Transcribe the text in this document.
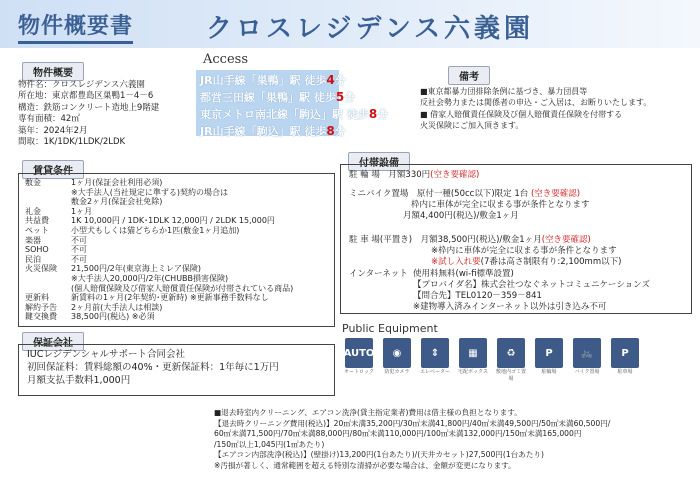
物件概要書	クロスレジデンス六義園
物件概要
物件名：クロスレジデンス六義園
所在地：東京都豊島区巣鴨1－4－6
構造：鉄筋コンクリート造地上9階建
専有面積：42㎡
築年：2024年2月
間取：1K/1DK/1LDK/2LDK
Access
JR山手線「巣鴨」駅 徒歩4分
都営三田線「巣鴨」駅 徒歩5分
東京メトロ南北線「駒込」駅 徒歩8分
JR山手線「駒込」駅 徒歩8分
備考
■東京都暴力団排除条例に基づき、暴力団員等
反社会勢力または関係者の申込・ご入居は、お断りいたします。
■ 借家人賠償責任保険及び個人賠償責任保険を付帯する
火災保険にご加入頂きます。
賃貸条件
敷金	1ヶ月(保証会社利用必須)
※大手法人(当社規定に準ずる)契約の場合は
敷金2ヶ月(保証会社免除)
礼金	1ヶ月
共益費	1K 10,000円 / 1DK･1DLK 12,000円 / 2LDK 15,000円
ペット	小型犬もしくは猫どちらか1匹(敷金1ヶ月追加)
楽器	不可
SOHO	不可
民泊	不可
火災保険	21,500円/2年(東京海上ミレア保険)
※大手法人20,000円/2年(CHUBB損害保険)
(個人賠償保険及び借家人賠償責任保険が付帯されている商品)
更新料	新賃料の1ヶ月(2年契約･更新時) ※更新事務手数料なし
解約予告	2ヶ月前(大手法人は相談)
鍵交換費	38,500円(税込) ※必須
保証会社
IUCレジデンシャルサポート合同会社
初回保証料：賃料総額の40%・更新保証料：1年毎に1万円
月額支払手数料1,000円
付帯設備
駐 輪 場　 月額330円(空き要確認)
ミニバイク置場　 原付一種(50cc以下)限定 1台 (空き要確認)
枠内に車体が完全に収まる事が条件となります
月額4,400円(税込)/敷金1ヶ月
駐 車 場(平置き)　 月額38,500円(税込)/敷金1ヶ月(空き要確認)
※枠内に車体が完全に収まる事が条件となります
※試し入れ要(7番は高さ制限有り:2,100mm以下)
インターネット 使用料無料(wi-fi標準設置)
【プロバイダ名】株式会社つなぐネットコミュニケーションズ
【問合先】TEL0120－359－841
※建物導入済みインターネット以外は引き込み不可
Public Equipment
AUTO
オートロック
◉
防犯カメラ
⇕
エレベーター
▦
宅配ボックス
♻
敷地内ゴミ置場
P
駐輪場
🚲
バイク置場
P
駐車場
■退去時室内クリーニング、エアコン洗浄(貸主指定業者)費用は借主様の負担となります。
【退去時クリーニング費用(税込)】20㎡未満35,200円/30㎡未満41,800円/40㎡未満49,500円/50㎡未満60,500円/
60㎡未満71,500円/70㎡未満88,000円/80㎡未満110,000円/100㎡未満132,000円/150㎡未満165,000円
/150㎡以上1,045円(1㎡あたり)
【エアコン内部洗浄(税込)】(壁掛け)13,200円(1台あたり)/(天井カセット)27,500円(1台あたり)
※汚損が著しく、通常範囲を超える特別な清掃が必要な場合は、金額が変更になります。
